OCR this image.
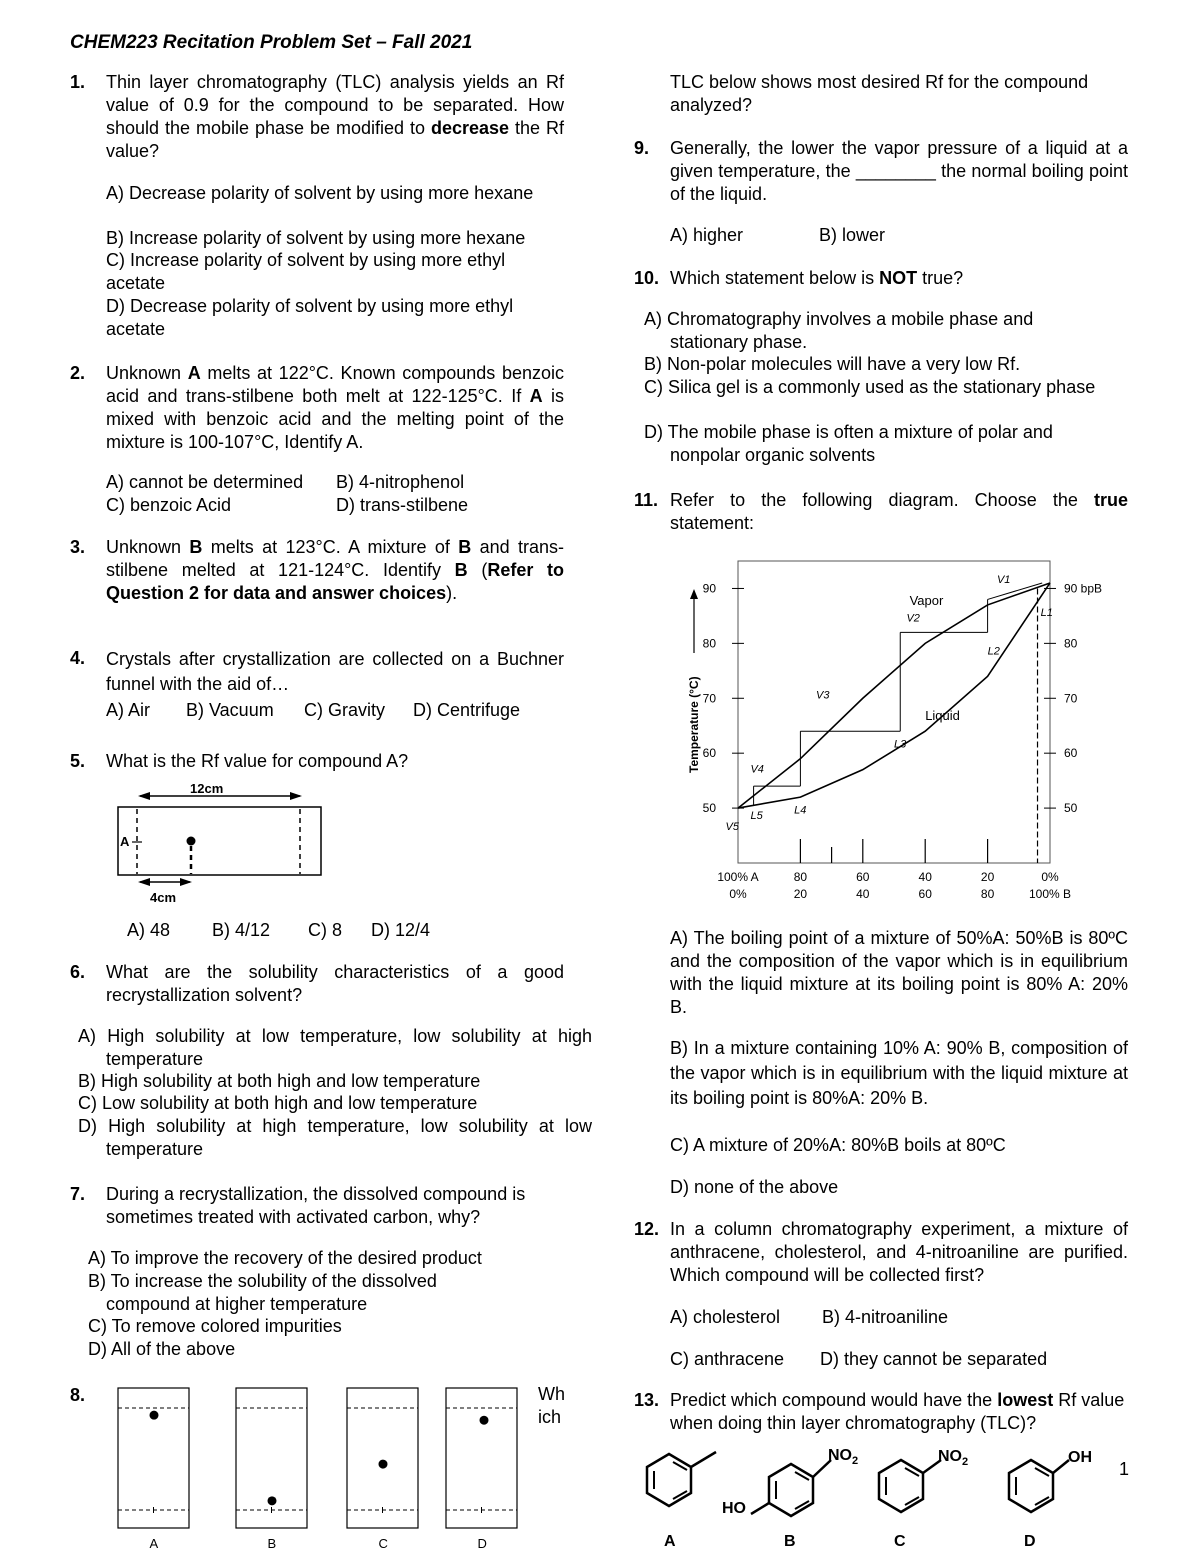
CHEM223 Recitation Problem Set – Fall 2021
1. Thin layer chromatography (TLC) analysis yields an Rf value of 0.9 for the compound to be separated. How should the mobile phase be modified to decrease the Rf value?
A) Decrease polarity of solvent by using more hexane
B) Increase polarity of solvent by using more hexane
C) Increase polarity of solvent by using more ethyl acetate
D) Decrease polarity of solvent by using more ethyl acetate
2. Unknown A melts at 122°C. Known compounds benzoic acid and trans-stilbene both melt at 122-125°C. If A is mixed with benzoic acid and the melting point of the mixture is 100-107°C, Identify A.
A) cannot be determined B) 4-nitrophenol
C) benzoic Acid	D) trans-stilbene
3. Unknown B melts at 123°C. A mixture of B and trans-stilbene melted at 121-124°C. Identify B (Refer to Question 2 for data and answer choices).
4. Crystals after crystallization are collected on a Buchner funnel with the aid of…
A) Air B) Vacuum C) Gravity D) Centrifuge
5. What is the Rf value for compound A?
12cm
A
4cm
A) 48 B) 4/12 C) 8 D) 12/4
6. What are the solubility characteristics of a good recrystallization solvent?
A) High solubility at low temperature, low solubility at high temperature
B) High solubility at both high and low temperature
C) Low solubility at both high and low temperature
D) High solubility at high temperature, low solubility at low temperature
7. During a recrystallization, the dissolved compound is sometimes treated with activated carbon, why?
A) To improve the recovery of the desired product
B) To increase the solubility of the dissolved compound at higher temperature
C) To remove colored impurities
D) All of the above
8.	Which
A	B	C	D
TLC below shows most desired Rf for the compound analyzed?
9. Generally, the lower the vapor pressure of a liquid at a given temperature, the ________ the normal boiling point of the liquid.
A) higher	B) lower
10. Which statement below is NOT true?
A) Chromatography involves a mobile phase and stationary phase.
B) Non-polar molecules will have a very low Rf.
C) Silica gel is a commonly used as the stationary phase
D) The mobile phase is often a mixture of polar and nonpolar organic solvents
11. Refer to the following diagram. Choose the true statement:
50	50
60	60
70	70
80	80
90	90 bpB
Temperature (°C)
100% A
0%
80
20
60
40
40
60
20
80
0%
100% B
Vapor
Liquid
V1
L1
V2
L2
V3
L3
V4
L4
V5
L5
A) The boiling point of a mixture of 50%A: 50%B is 80ºC and the composition of the vapor which is in equilibrium with the liquid mixture at its boiling point is 80% A: 20% B.
B) In a mixture containing 10% A: 90% B, composition of the vapor which is in equilibrium with the liquid mixture at its boiling point is 80%A: 20% B.
C) A mixture of 20%A: 80%B boils at 80ºC
D) none of the above
12. In a column chromatography experiment, a mixture of anthracene, cholesterol, and 4-nitroaniline are purified. Which compound will be collected first?
A) cholesterol B) 4-nitroaniline
C) anthracene D) they cannot be separated
13. Predict which compound would have the lowest Rf value when doing thin layer chromatography (TLC)?
1
A
$NO_2$
HO
B
$NO_2$
C
OH
D
